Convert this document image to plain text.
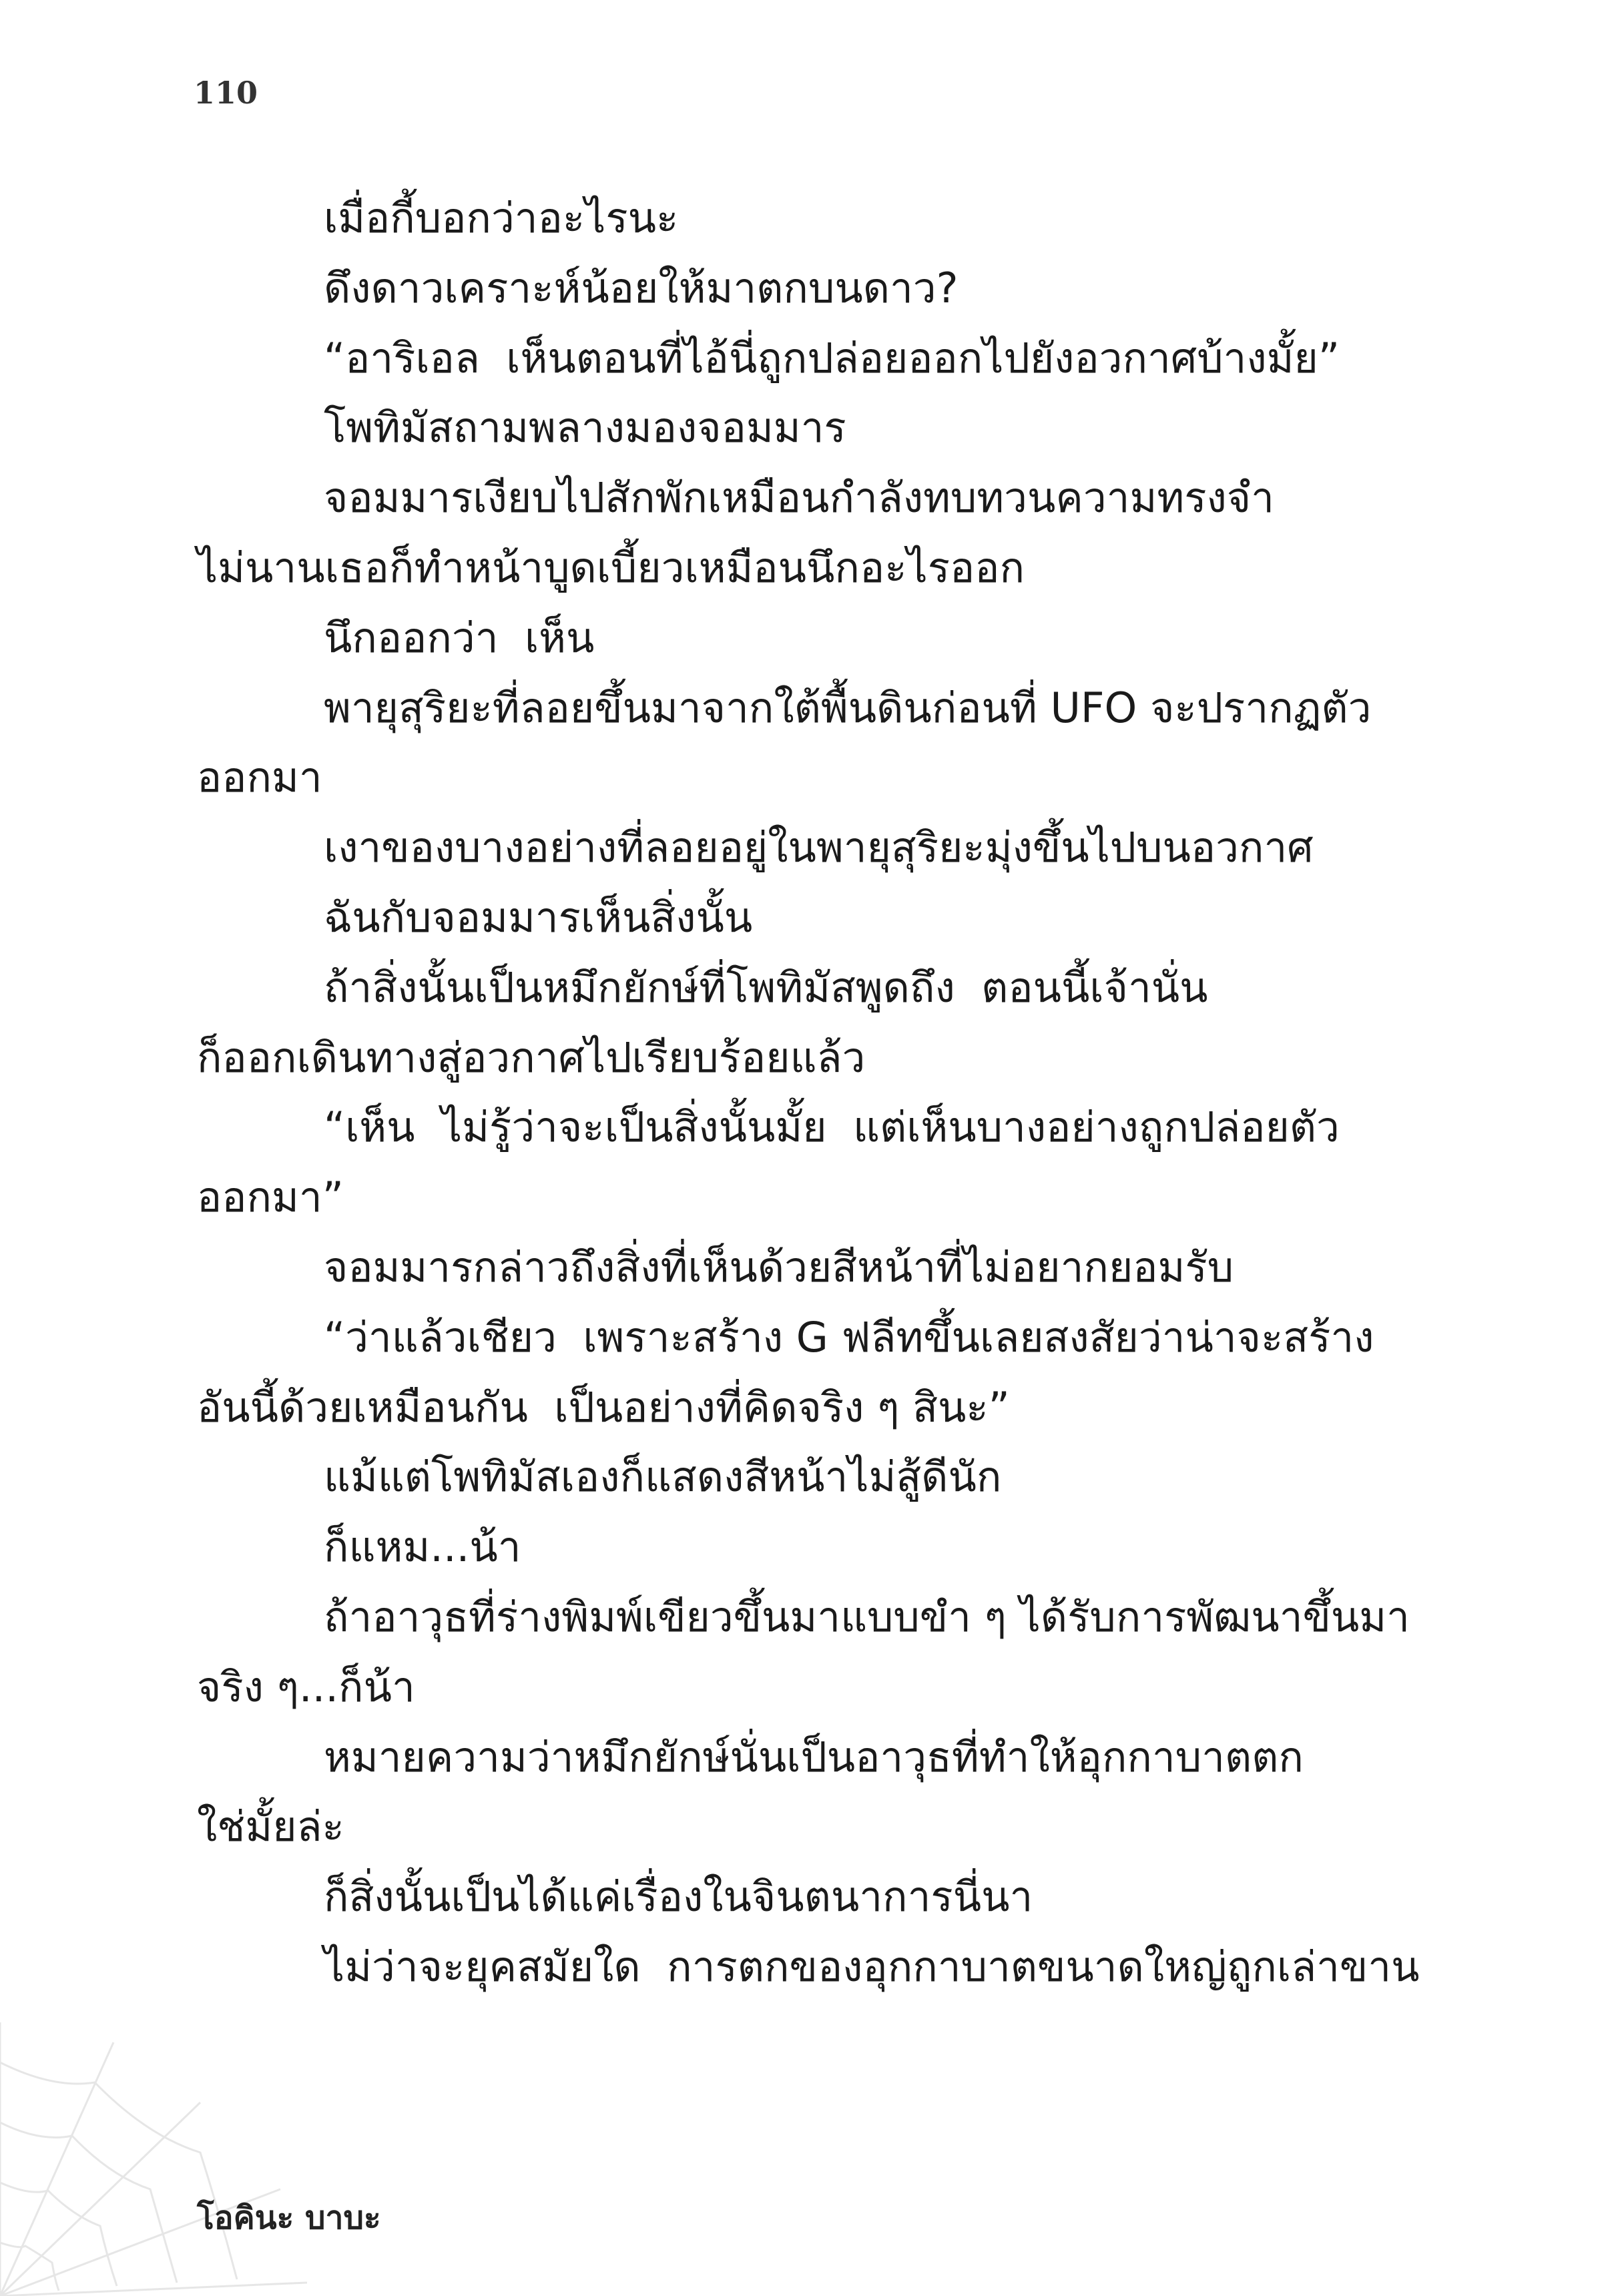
110
เมื่อกี้บอกว่าอะไรนะ
ดึงดาวเคราะห์น้อยให้มาตกบนดาว?
“อาริเอล  เห็นตอนที่ไอ้นี่ถูกปล่อยออกไปยังอวกาศบ้างมั้ย”
โพทิมัสถามพลางมองจอมมาร
จอมมารเงียบไปสักพักเหมือนกำลังทบทวนความทรงจำ
ไม่นานเธอก็ทำหน้าบูดเบี้ยวเหมือนนึกอะไรออก
นึกออกว่า  เห็น
พายุสุริยะที่ลอยขึ้นมาจากใต้พื้นดินก่อนที่ UFO จะปรากฏตัว
ออกมา
เงาของบางอย่างที่ลอยอยู่ในพายุสุริยะมุ่งขึ้นไปบนอวกาศ
ฉันกับจอมมารเห็นสิ่งนั้น
ถ้าสิ่งนั้นเป็นหมึกยักษ์ที่โพทิมัสพูดถึง  ตอนนี้เจ้านั่น
ก็ออกเดินทางสู่อวกาศไปเรียบร้อยแล้ว
“เห็น  ไม่รู้ว่าจะเป็นสิ่งนั้นมั้ย  แต่เห็นบางอย่างถูกปล่อยตัว
ออกมา”
จอมมารกล่าวถึงสิ่งที่เห็นด้วยสีหน้าที่ไม่อยากยอมรับ
“ว่าแล้วเชียว  เพราะสร้าง G ฟลีทขึ้นเลยสงสัยว่าน่าจะสร้าง
อันนี้ด้วยเหมือนกัน  เป็นอย่างที่คิดจริง ๆ สินะ”
แม้แต่โพทิมัสเองก็แสดงสีหน้าไม่สู้ดีนัก
ก็แหม...น้า
ถ้าอาวุธที่ร่างพิมพ์เขียวขึ้นมาแบบขำ ๆ ได้รับการพัฒนาขึ้นมา
จริง ๆ...ก็น้า
หมายความว่าหมึกยักษ์นั่นเป็นอาวุธที่ทำให้อุกกาบาตตก
ใช่มั้ยล่ะ
ก็สิ่งนั้นเป็นได้แค่เรื่องในจินตนาการนี่นา
ไม่ว่าจะยุคสมัยใด  การตกของอุกกาบาตขนาดใหญ่ถูกเล่าขาน
โอคินะ บาบะ
